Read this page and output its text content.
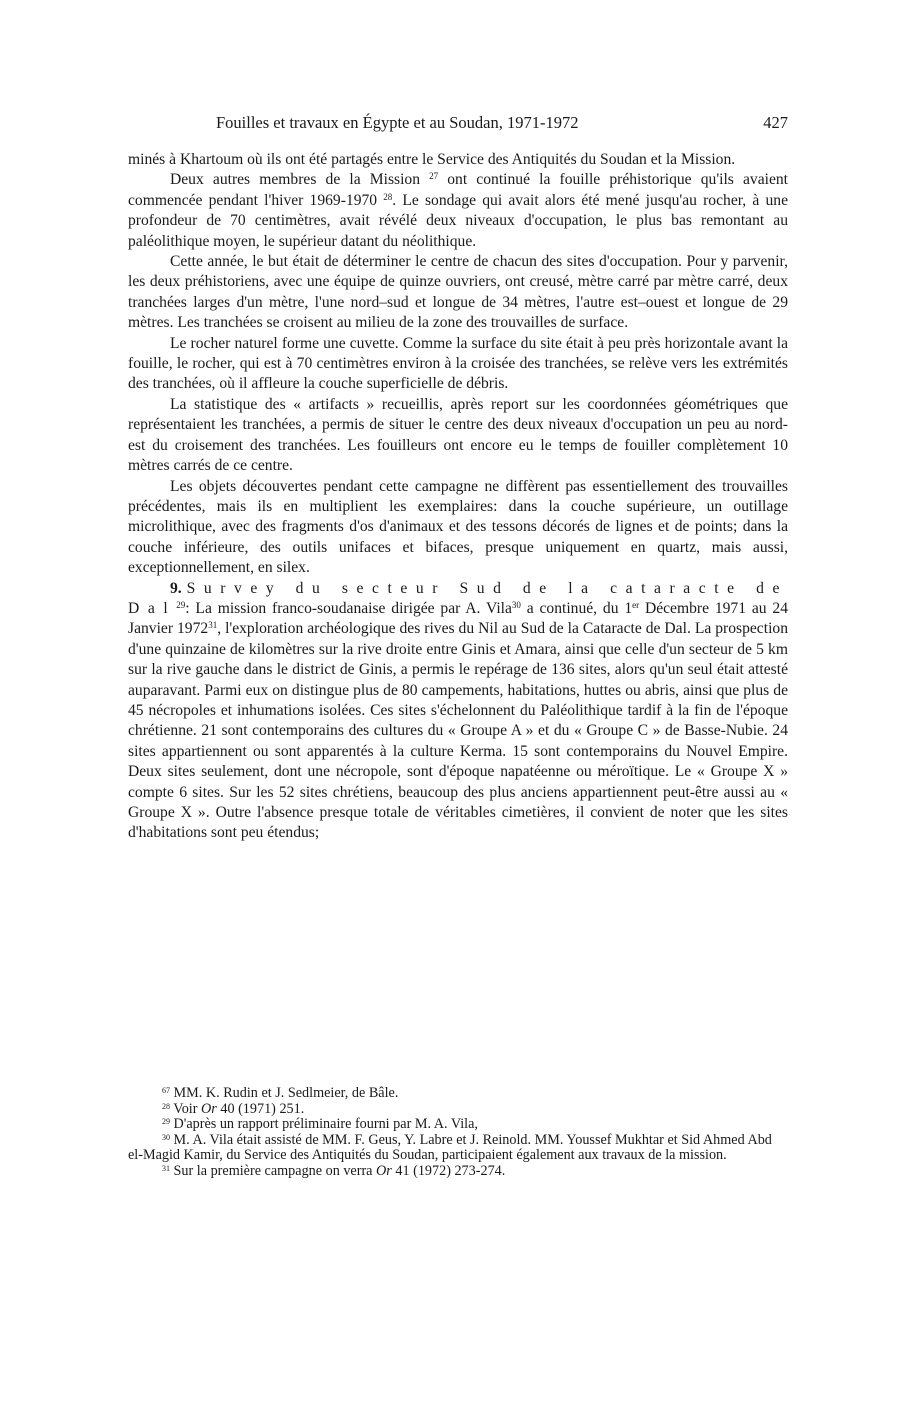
Fouilles et travaux en Égypte et au Soudan, 1971-1972	427

minés à Khartoum où ils ont été partagés entre le Service des Antiquités du Soudan et la Mission.

Deux autres membres de la Mission $^{27}$ ont continué la fouille préhistorique qu'ils avaient commencée pendant l'hiver 1969-1970 $^{28}$. Le sondage qui avait alors été mené jusqu'au rocher, à une profondeur de 70 centimètres, avait révélé deux niveaux d'occupation, le plus bas remontant au paléolithique moyen, le supérieur datant du néolithique.

Cette année, le but était de déterminer le centre de chacun des sites d'occupation. Pour y parvenir, les deux préhistoriens, avec une équipe de quinze ouvriers, ont creusé, mètre carré par mètre carré, deux tranchées larges d'un mètre, l'une nord–sud et longue de 34 mètres, l'autre est–ouest et longue de 29 mètres. Les tranchées se croisent au milieu de la zone des trouvailles de surface.

Le rocher naturel forme une cuvette. Comme la surface du site était à peu près horizontale avant la fouille, le rocher, qui est à 70 centimètres environ à la croisée des tranchées, se relève vers les extrémités des tranchées, où il affleure la couche superficielle de débris.

La statistique des « artifacts » recueillis, après report sur les coordonnées géométriques que représentaient les tranchées, a permis de situer le centre des deux niveaux d'occupation un peu au nord-est du croisement des tranchées. Les fouilleurs ont encore eu le temps de fouiller complètement 10 mètres carrés de ce centre.

Les objets découvertes pendant cette campagne ne diffèrent pas essentiellement des trouvailles précédentes, mais ils en multiplient les exemplaires: dans la couche supérieure, un outillage microlithique, avec des fragments d'os d'animaux et des tessons décorés de lignes et de points; dans la couche inférieure, des outils unifaces et bifaces, presque uniquement en quartz, mais aussi, exceptionnellement, en silex.

9. Survey du secteur Sud de la cataracte de Dal$^{29}$: La mission franco-soudanaise dirigée par A. Vila$^{30}$ a continué, du 1er Décembre 1971 au 24 Janvier 1972$^{31}$, l'exploration archéologique des rives du Nil au Sud de la Cataracte de Dal. La prospection d'une quinzaine de kilomètres sur la rive droite entre Ginis et Amara, ainsi que celle d'un secteur de 5 km sur la rive gauche dans le district de Ginis, a permis le repérage de 136 sites, alors qu'un seul était attesté auparavant. Parmi eux on distingue plus de 80 campements, habitations, huttes ou abris, ainsi que plus de 45 nécropoles et inhumations isolées. Ces sites s'échelonnent du Paléolithique tardif à la fin de l'époque chrétienne. 21 sont contemporains des cultures du « Groupe A » et du « Groupe C » de Basse-Nubie. 24 sites appartiennent ou sont apparentés à la culture Kerma. 15 sont contemporains du Nouvel Empire. Deux sites seulement, dont une nécropole, sont d'époque napatéenne ou méroïtique. Le « Groupe X » compte 6 sites. Sur les 52 sites chrétiens, beaucoup des plus anciens appartiennent peut-être aussi au « Groupe X ». Outre l'absence presque totale de véritables cimetières, il convient de noter que les sites d'habitations sont peu étendus;

$^{67}$ MM. K. Rudin et J. Sedlmeier, de Bâle.

$^{28}$ Voir Or 40 (1971) 251.

$^{29}$ D'après un rapport préliminaire fourni par M. A. Vila,

$^{30}$ M. A. Vila était assisté de MM. F. Geus, Y. Labre et J. Reinold. MM. Youssef Mukhtar et Sid Ahmed Abd el-Magid Kamir, du Service des Antiquités du Soudan, participaient également aux travaux de la mission.

$^{31}$ Sur la première campagne on verra Or 41 (1972) 273-274.
